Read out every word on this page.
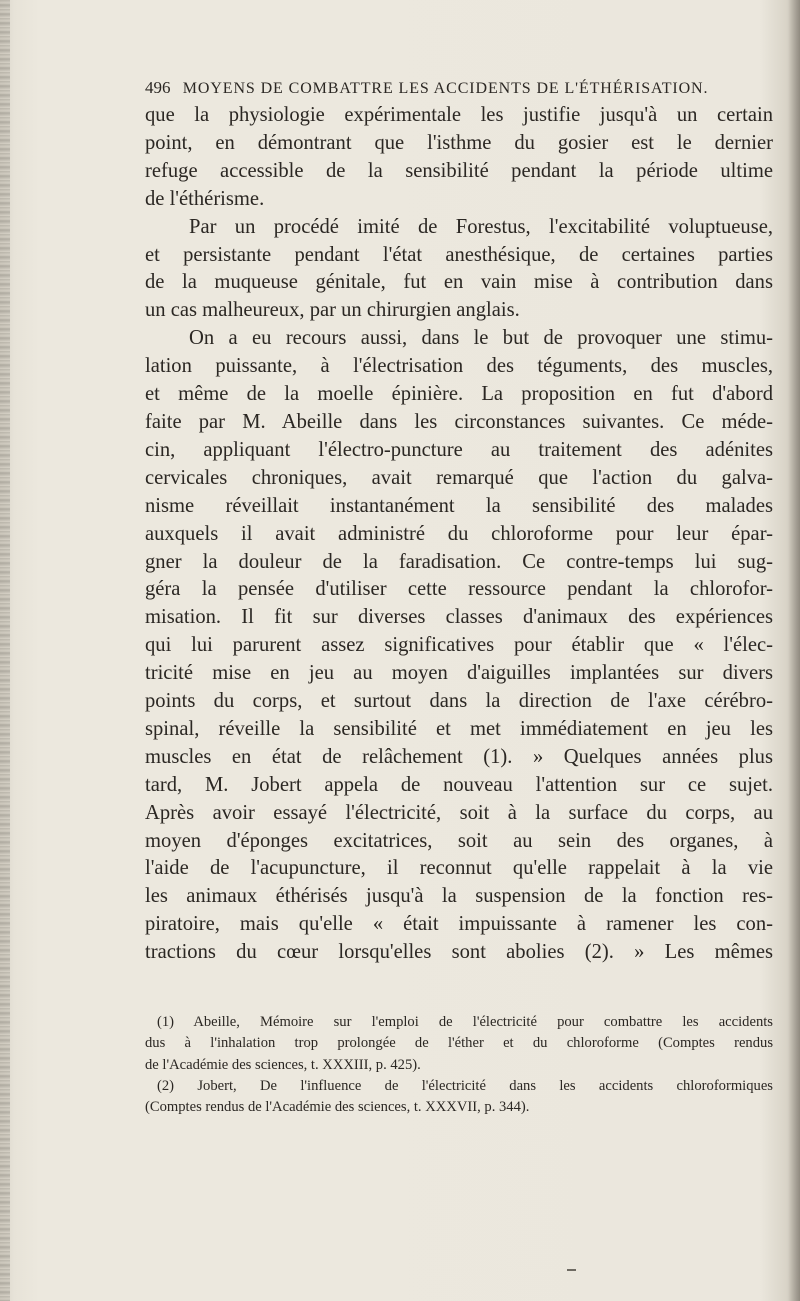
496 MOYENS DE COMBATTRE LES ACCIDENTS DE L'ÉTHÉRISATION.

que la physiologie expérimentale les justifie jusqu'à un certain

point, en démontrant que l'isthme du gosier est le dernier

refuge accessible de la sensibilité pendant la période ultime

de l'éthérisme.

Par un procédé imité de Forestus, l'excitabilité voluptueuse,

et persistante pendant l'état anesthésique, de certaines parties

de la muqueuse génitale, fut en vain mise à contribution dans

un cas malheureux, par un chirurgien anglais.

On a eu recours aussi, dans le but de provoquer une stimu-

lation puissante, à l'électrisation des téguments, des muscles,

et même de la moelle épinière. La proposition en fut d'abord

faite par M. Abeille dans les circonstances suivantes. Ce méde-

cin, appliquant l'électro-puncture au traitement des adénites

cervicales chroniques, avait remarqué que l'action du galva-

nisme réveillait instantanément la sensibilité des malades

auxquels il avait administré du chloroforme pour leur épar-

gner la douleur de la faradisation. Ce contre-temps lui sug-

géra la pensée d'utiliser cette ressource pendant la chlorofor-

misation. Il fit sur diverses classes d'animaux des expériences

qui lui parurent assez significatives pour établir que « l'élec-

tricité mise en jeu au moyen d'aiguilles implantées sur divers

points du corps, et surtout dans la direction de l'axe cérébro-

spinal, réveille la sensibilité et met immédiatement en jeu les

muscles en état de relâchement (1). » Quelques années plus

tard, M. Jobert appela de nouveau l'attention sur ce sujet.

Après avoir essayé l'électricité, soit à la surface du corps, au

moyen d'éponges excitatrices, soit au sein des organes, à

l'aide de l'acupuncture, il reconnut qu'elle rappelait à la vie

les animaux éthérisés jusqu'à la suspension de la fonction res-

piratoire, mais qu'elle « était impuissante à ramener les con-

tractions du cœur lorsqu'elles sont abolies (2). » Les mêmes

(1) Abeille, Mémoire sur l'emploi de l'électricité pour combattre les accidents

dus à l'inhalation trop prolongée de l'éther et du chloroforme (Comptes rendus

de l'Académie des sciences, t. XXXIII, p. 425).

(2) Jobert, De l'influence de l'électricité dans les accidents chloroformiques

(Comptes rendus de l'Académie des sciences, t. XXXVII, p. 344).
